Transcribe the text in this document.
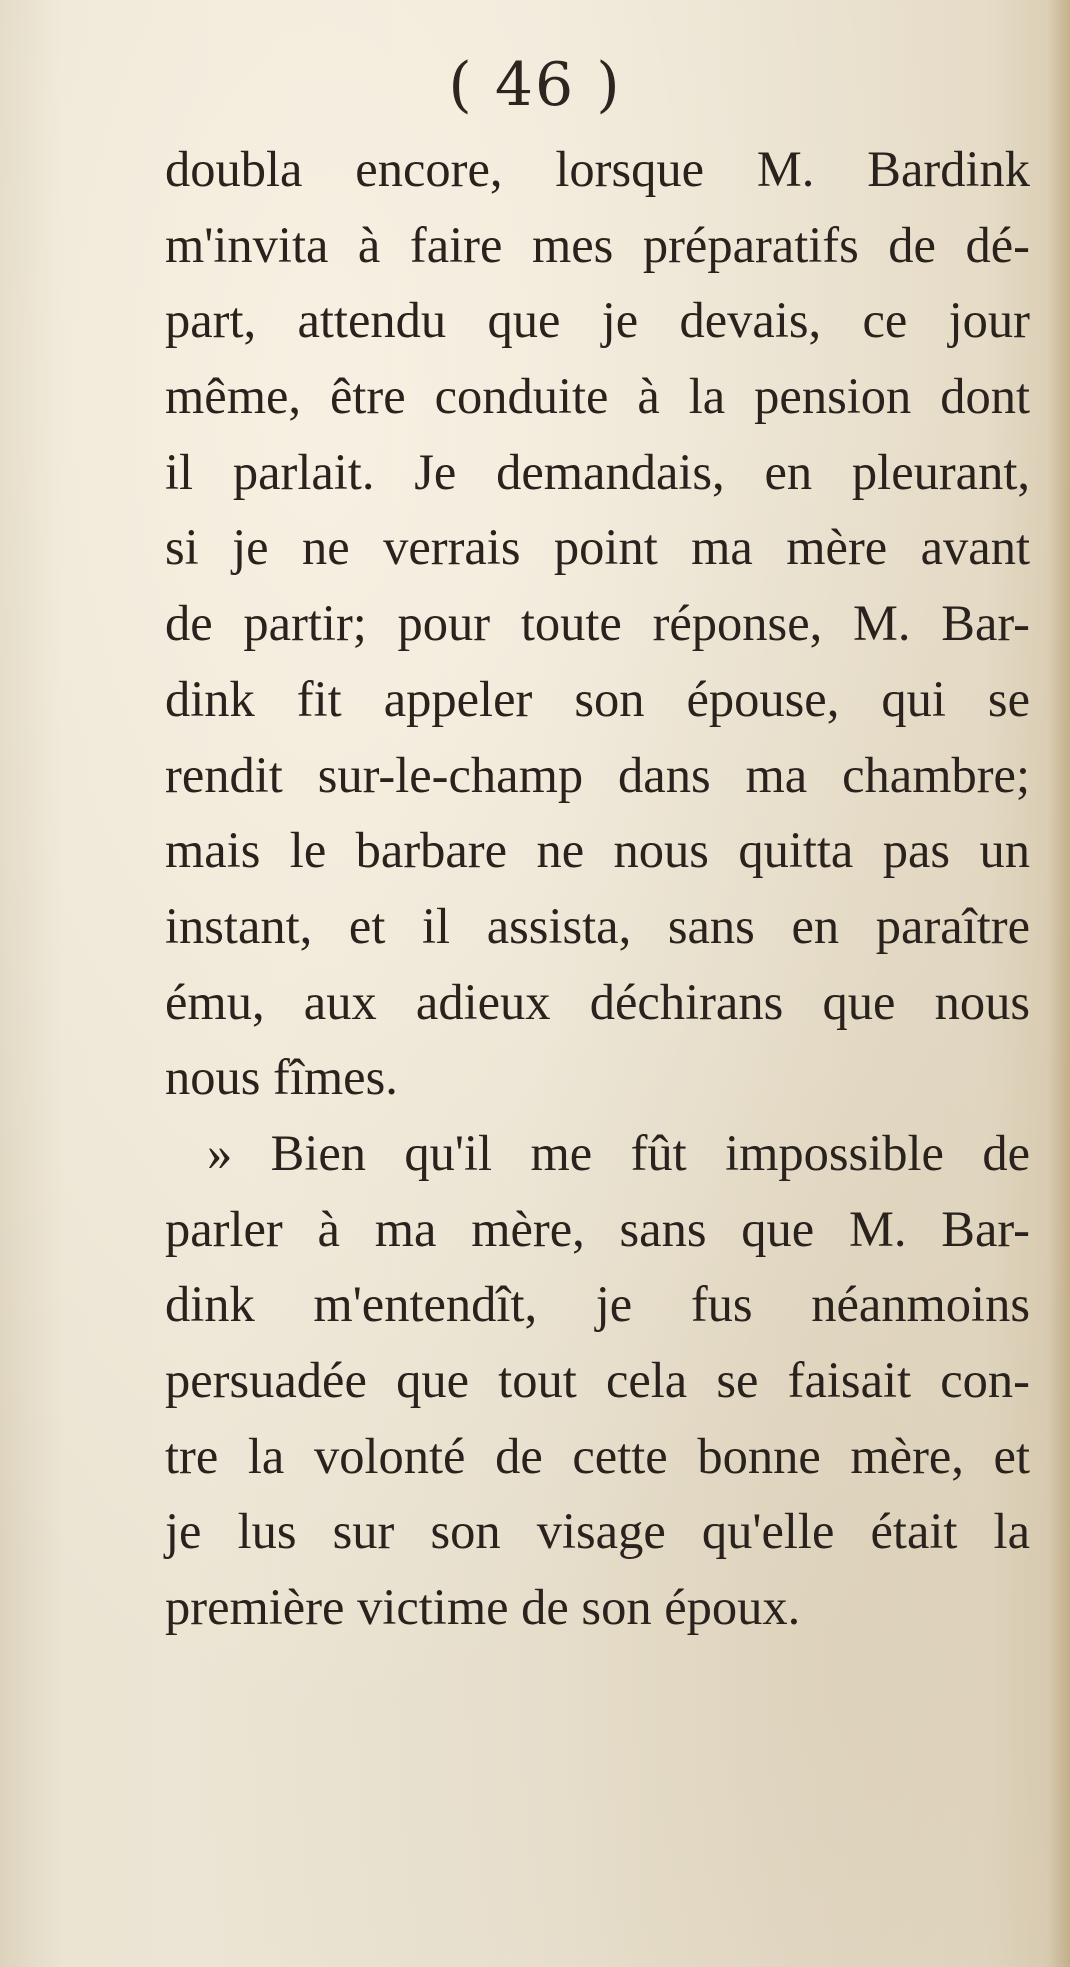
( 46 )
doubla encore, lorsque M. Bardink
m'invita à faire mes préparatifs de dé-
part, attendu que je devais, ce jour
même, être conduite à la pension dont
il parlait. Je demandais, en pleurant,
si je ne verrais point ma mère avant
de partir; pour toute réponse, M. Bar-
dink fit appeler son épouse, qui se
rendit sur-le-champ dans ma chambre;
mais le barbare ne nous quitta pas un
instant, et il assista, sans en paraître
ému, aux adieux déchirans que nous
nous fîmes.
» Bien qu'il me fût impossible de
parler à ma mère, sans que M. Bar-
dink m'entendît, je fus néanmoins
persuadée que tout cela se faisait con-
tre la volonté de cette bonne mère, et
je lus sur son visage qu'elle était la
première victime de son époux.
